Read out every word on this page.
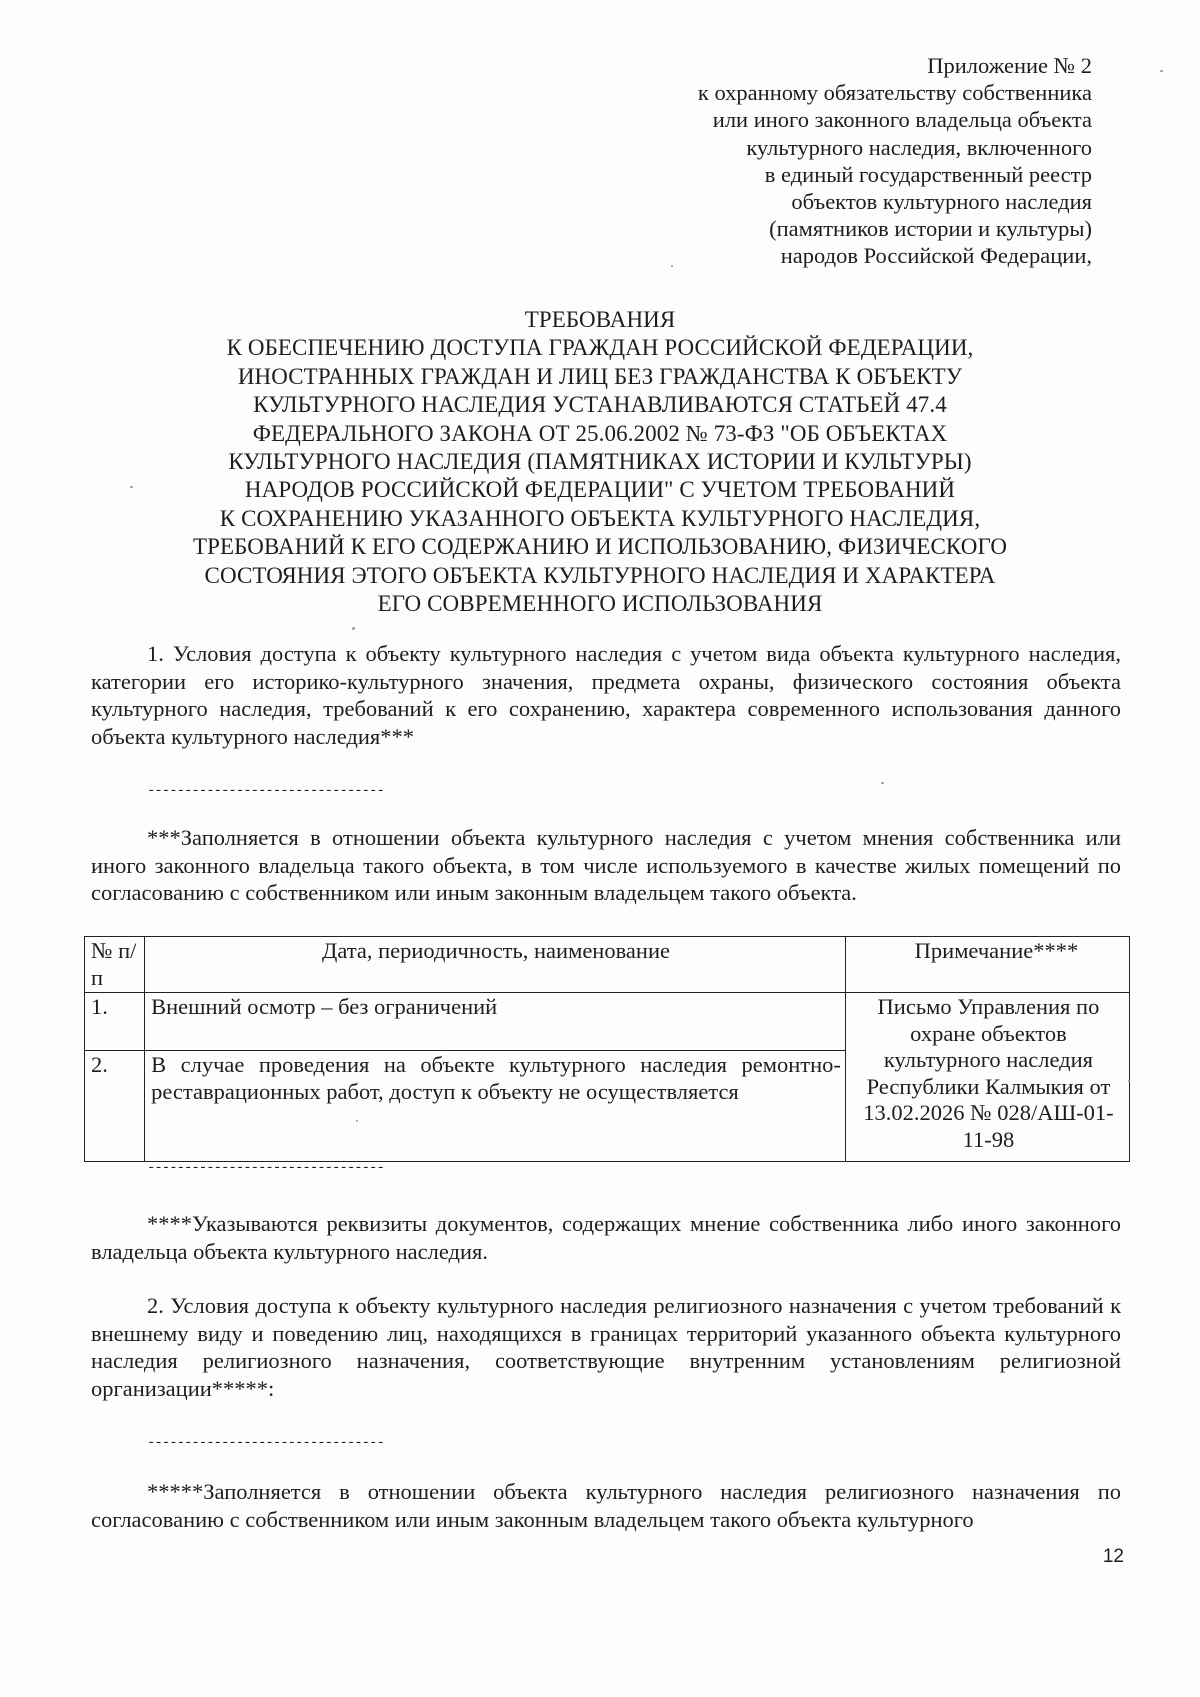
Приложение № 2
к охранному обязательству собственника
или иного законного владельца объекта
культурного наследия, включенного
в единый государственный реестр
объектов культурного наследия
(памятников истории и культуры)
народов Российской Федерации,
ТРЕБОВАНИЯ
К ОБЕСПЕЧЕНИЮ ДОСТУПА ГРАЖДАН РОССИЙСКОЙ ФЕДЕРАЦИИ,
ИНОСТРАННЫХ ГРАЖДАН И ЛИЦ БЕЗ ГРАЖДАНСТВА К ОБЪЕКТУ
КУЛЬТУРНОГО НАСЛЕДИЯ УСТАНАВЛИВАЮТСЯ СТАТЬЕЙ 47.4
ФЕДЕРАЛЬНОГО ЗАКОНА ОТ 25.06.2002 № 73-ФЗ "ОБ ОБЪЕКТАХ
КУЛЬТУРНОГО НАСЛЕДИЯ (ПАМЯТНИКАХ ИСТОРИИ И КУЛЬТУРЫ)
НАРОДОВ РОССИЙСКОЙ ФЕДЕРАЦИИ" С УЧЕТОМ ТРЕБОВАНИЙ
К СОХРАНЕНИЮ УКАЗАННОГО ОБЪЕКТА КУЛЬТУРНОГО НАСЛЕДИЯ,
ТРЕБОВАНИЙ К ЕГО СОДЕРЖАНИЮ И ИСПОЛЬЗОВАНИЮ, ФИЗИЧЕСКОГО
СОСТОЯНИЯ ЭТОГО ОБЪЕКТА КУЛЬТУРНОГО НАСЛЕДИЯ И ХАРАКТЕРА
ЕГО СОВРЕМЕННОГО ИСПОЛЬЗОВАНИЯ
1. Условия доступа к объекту культурного наследия с учетом вида объекта культурного наследия, категории его историко-культурного значения, предмета охраны, физического состояния объекта культурного наследия, требований к его сохранению, характера современного использования данного объекта культурного наследия***
--------------------------------
***Заполняется в отношении объекта культурного наследия с учетом мнения собственника или иного законного владельца такого объекта, в том числе используемого в качестве жилых помещений по согласованию с собственником или иным законным владельцем такого объекта.
№ п/п	Дата, периодичность, наименование	Примечание****
1.	Внешний осмотр – без ограничений	Письмо Управления по охране объектов культурного наследия Республики Калмыкия от 13.02.2026 № 028/АШ-01-11-98
2.	В случае проведения на объекте культурного наследия ремонтно-реставрационных работ, доступ к объекту не осуществляется	
--------------------------------
****Указываются реквизиты документов, содержащих мнение собственника либо иного законного владельца объекта культурного наследия.
2. Условия доступа к объекту культурного наследия религиозного назначения с учетом требований к внешнему виду и поведению лиц, находящихся в границах территорий указанного объекта культурного наследия религиозного назначения, соответствующие внутренним установлениям религиозной организации*****:
--------------------------------
*****Заполняется в отношении объекта культурного наследия религиозного назначения по согласованию с собственником или иным законным владельцем такого объекта культурного
12
